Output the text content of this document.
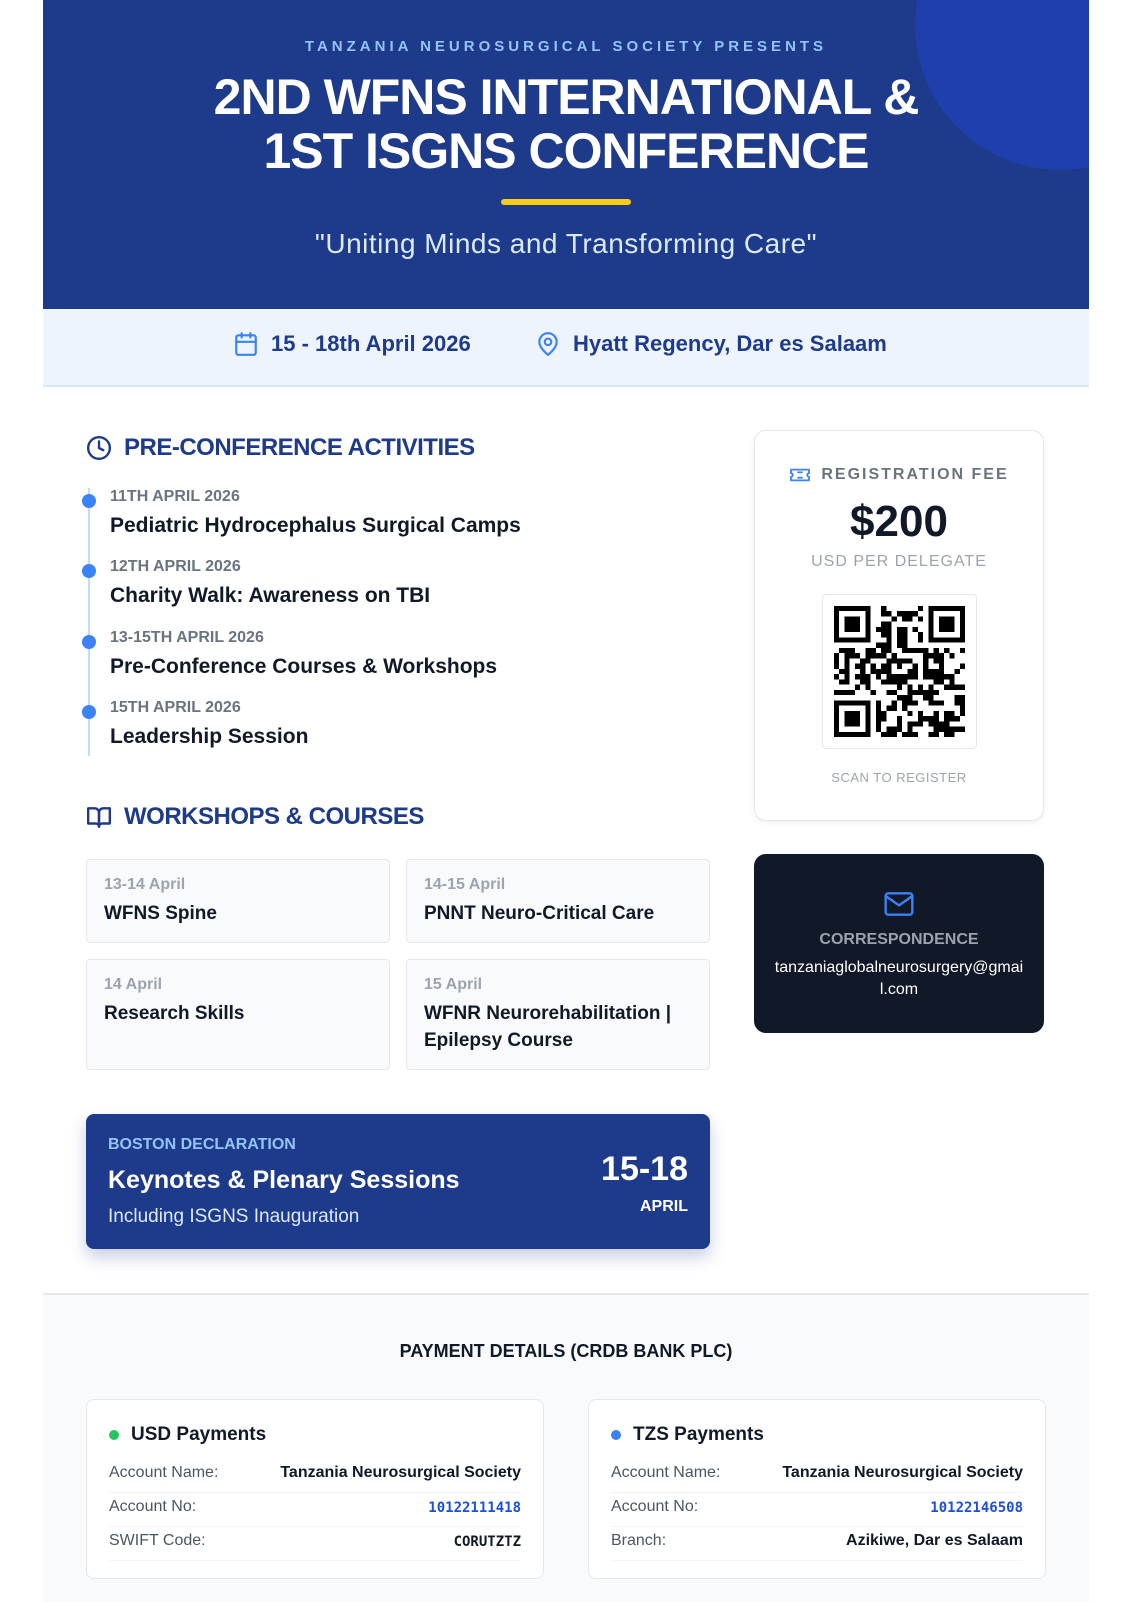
TANZANIA NEUROSURGICAL SOCIETY PRESENTS
2ND WFNS INTERNATIONAL &
1ST ISGNS CONFERENCE
"Uniting Minds and Transforming Care"
15 - 18th April 2026	Hyatt Regency, Dar es Salaam
PRE-CONFERENCE ACTIVITIES
11TH APRIL 2026
Pediatric Hydrocephalus Surgical Camps
12TH APRIL 2026
Charity Walk: Awareness on TBI
13-15TH APRIL 2026
Pre-Conference Courses & Workshops
15TH APRIL 2026
Leadership Session
WORKSHOPS & COURSES
13-14 April
WFNS Spine
14-15 April
PNNT Neuro-Critical Care
14 April
Research Skills
15 April
WFNR Neurorehabilitation | Epilepsy Course
BOSTON DECLARATION
Keynotes & Plenary Sessions
Including ISGNS Inauguration
15-18
APRIL
REGISTRATION FEE
$200
USD PER DELEGATE
SCAN TO REGISTER
CORRESPONDENCE
tanzaniaglobalneurosurgery@gmail.com
PAYMENT DETAILS (CRDB BANK PLC)
USD Payments
Account Name:	Tanzania Neurosurgical Society
Account No:	10122111418
SWIFT Code:	CORUTZTZ
TZS Payments
Account Name:	Tanzania Neurosurgical Society
Account No:	10122146508
Branch:	Azikiwe, Dar es Salaam
